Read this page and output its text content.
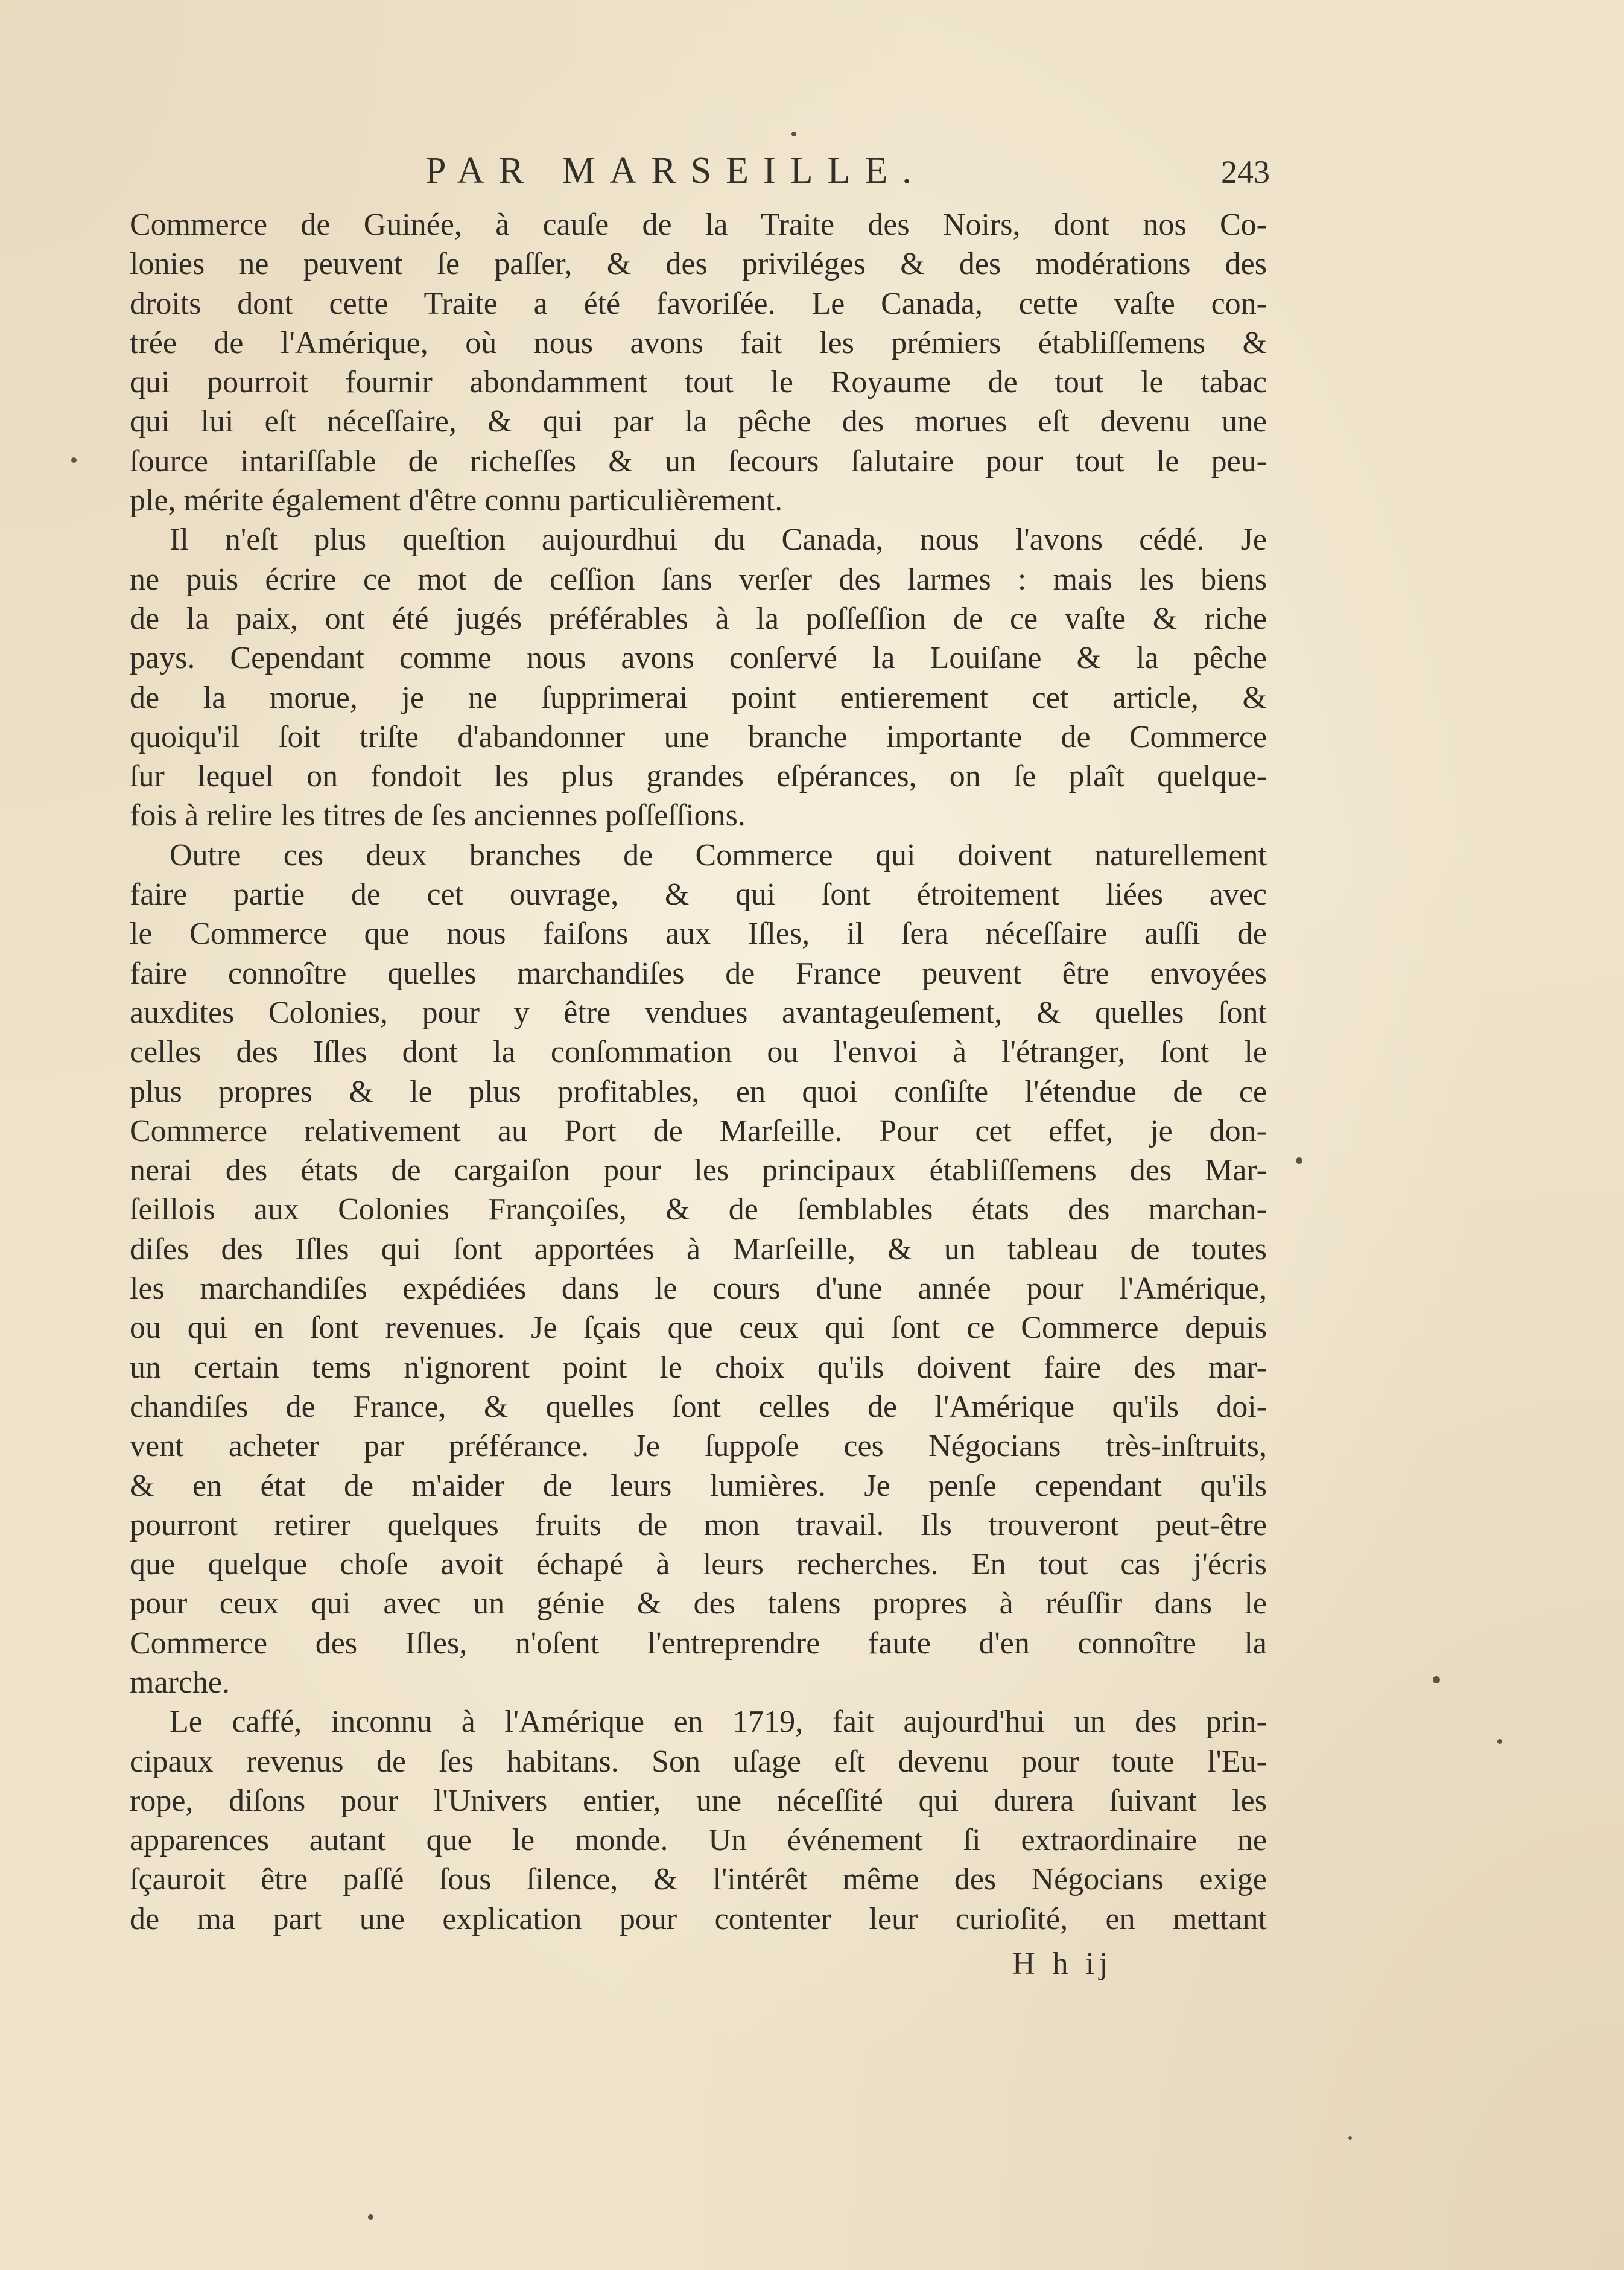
PAR MARSEILLE.	243
Commerce de Guinée, à cauſe de la Traite des Noirs, dont nos Co-
lonies ne peuvent ſe paſſer, & des priviléges & des modérations des
droits dont cette Traite a été favoriſée. Le Canada, cette vaſte con-
trée de l'Amérique, où nous avons fait les prémiers établiſſemens &
qui pourroit fournir abondamment tout le Royaume de tout le tabac
qui lui eſt néceſſaire, & qui par la pêche des morues eſt devenu une
ſource intariſſable de richeſſes & un ſecours ſalutaire pour tout le peu-
ple, mérite également d'être connu particulièrement.
Il n'eſt plus queſtion aujourdhui du Canada, nous l'avons cédé. Je
ne puis écrire ce mot de ceſſion ſans verſer des larmes : mais les biens
de la paix, ont été jugés préférables à la poſſeſſion de ce vaſte & riche
pays. Cependant comme nous avons conſervé la Louiſane & la pêche
de la morue, je ne ſupprimerai point entierement cet article, &
quoiqu'il ſoit triſte d'abandonner une branche importante de Commerce
ſur lequel on fondoit les plus grandes eſpérances, on ſe plaît quelque-
fois à relire les titres de ſes anciennes poſſeſſions.
Outre ces deux branches de Commerce qui doivent naturellement
faire partie de cet ouvrage, & qui ſont étroitement liées avec
le Commerce que nous faiſons aux Iſles, il ſera néceſſaire auſſi de
faire connoître quelles marchandiſes de France peuvent être envoyées
auxdites Colonies, pour y être vendues avantageuſement, & quelles ſont
celles des Iſles dont la conſommation ou l'envoi à l'étranger, ſont le
plus propres & le plus profitables, en quoi conſiſte l'étendue de ce
Commerce relativement au Port de Marſeille. Pour cet effet, je don-
nerai des états de cargaiſon pour les principaux établiſſemens des Mar-
ſeillois aux Colonies Françoiſes, & de ſemblables états des marchan-
diſes des Iſles qui ſont apportées à Marſeille, & un tableau de toutes
les marchandiſes expédiées dans le cours d'une année pour l'Amérique,
ou qui en ſont revenues. Je ſçais que ceux qui ſont ce Commerce depuis
un certain tems n'ignorent point le choix qu'ils doivent faire des mar-
chandiſes de France, & quelles ſont celles de l'Amérique qu'ils doi-
vent acheter par préférance. Je ſuppoſe ces Négocians très-inſtruits,
& en état de m'aider de leurs lumières. Je penſe cependant qu'ils
pourront retirer quelques fruits de mon travail. Ils trouveront peut-être
que quelque choſe avoit échapé à leurs recherches. En tout cas j'écris
pour ceux qui avec un génie & des talens propres à réuſſir dans le
Commerce des Iſles, n'oſent l'entreprendre faute d'en connoître la
marche.
Le caffé, inconnu à l'Amérique en 1719, fait aujourd'hui un des prin-
cipaux revenus de ſes habitans. Son uſage eſt devenu pour toute l'Eu-
rope, diſons pour l'Univers entier, une néceſſité qui durera ſuivant les
apparences autant que le monde. Un événement ſi extraordinaire ne
ſçauroit être paſſé ſous ſilence, & l'intérêt même des Négocians exige
de ma part une explication pour contenter leur curioſité, en mettant
H h ij
